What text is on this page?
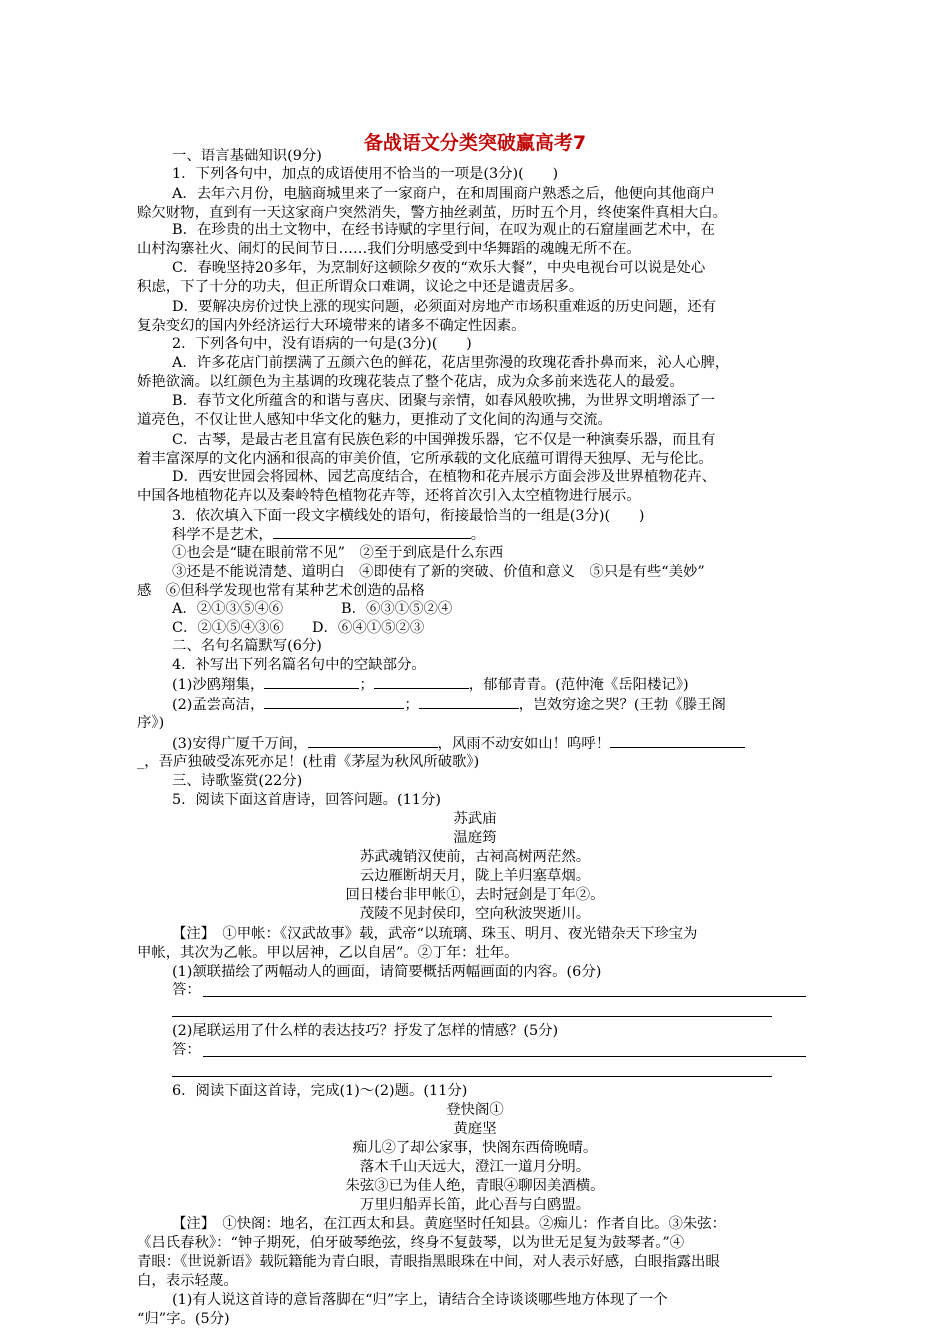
备战语文分类突破赢高考7
一、语言基础知识(9分)
1．下列各句中，加点的成语使用不恰当的一项是(3分)(　　)
A．去年六月份，电脑商城里来了一家商户，在和周围商户熟悉之后，他便向其他商户
赊欠财物，直到有一天这家商户突然消失，警方抽丝剥茧，历时五个月，终使案件真相大白。
B．在珍贵的出土文物中，在经书诗赋的字里行间，在叹为观止的石窟崖画艺术中，在
山村沟寨社火、闹灯的民间节日……我们分明感受到中华舞蹈的魂魄无所不在。
C．春晚坚持20多年，为烹制好这顿除夕夜的“欢乐大餐”，中央电视台可以说是处心
积虑，下了十分的功夫，但正所谓众口难调，议论之中还是谴责居多。
D．要解决房价过快上涨的现实问题，必须面对房地产市场积重难返的历史问题，还有
复杂变幻的国内外经济运行大环境带来的诸多不确定性因素。
2．下列各句中，没有语病的一句是(3分)(　　)
A．许多花店门前摆满了五颜六色的鲜花，花店里弥漫的玫瑰花香扑鼻而来，沁人心脾，
娇艳欲滴。以红颜色为主基调的玫瑰花装点了整个花店，成为众多前来选花人的最爱。
B．春节文化所蕴含的和谐与喜庆、团聚与亲情，如春风般吹拂，为世界文明增添了一
道亮色，不仅让世人感知中华文化的魅力，更推动了文化间的沟通与交流。
C．古琴，是最古老且富有民族色彩的中国弹拨乐器，它不仅是一种演奏乐器，而且有
着丰富深厚的文化内涵和很高的审美价值，它所承载的文化底蕴可谓得天独厚、无与伦比。
D．西安世园会将园林、园艺高度结合，在植物和花卉展示方面会涉及世界植物花卉、
中国各地植物花卉以及秦岭特色植物花卉等，还将首次引入太空植物进行展示。
3．依次填入下面一段文字横线处的语句，衔接最恰当的一组是(3分)(　　)
科学不是艺术，	。
①也会是“睫在眼前常不见”　②至于到底是什么东西
③还是不能说清楚、道明白　④即使有了新的突破、价值和意义　⑤只是有些“美妙”
感　⑥但科学发现也常有某种艺术创造的品格
A．②①③⑤④⑥	B．⑥③①⑤②④
C．②①⑤④③⑥	D．⑥④①⑤②③
二、名句名篇默写(6分)
4．补写出下列名篇名句中的空缺部分。
(1)沙鸥翔集，	；	，郁郁青青。(范仲淹《岳阳楼记》)
(2)孟尝高洁，	；	，岂效穷途之哭？(王勃《滕王阁
序》)
(3)安得广厦千万间，	，风雨不动安如山！呜呼！
_，吾庐独破受冻死亦足！(杜甫《茅屋为秋风所破歌》)
三、诗歌鉴赏(22分)
5．阅读下面这首唐诗，回答问题。(11分)
苏武庙
温庭筠
苏武魂销汉使前，古祠高树两茫然。
云边雁断胡天月，陇上羊归塞草烟。
回日楼台非甲帐①，去时冠剑是丁年②。
茂陵不见封侯印，空向秋波哭逝川。
【注】　①甲帐：《汉武故事》载，武帝“以琉璃、珠玉、明月、夜光错杂天下珍宝为
甲帐，其次为乙帐。甲以居神，乙以自居”。②丁年：壮年。
(1)颔联描绘了两幅动人的画面，请简要概括两幅画面的内容。(6分)
答：
(2)尾联运用了什么样的表达技巧？抒发了怎样的情感？(5分)
答：
6．阅读下面这首诗，完成(1)～(2)题。(11分)
登快阁①
黄庭坚
痴儿②了却公家事，快阁东西倚晚晴。
落木千山天远大，澄江一道月分明。
朱弦③已为佳人绝，青眼④聊因美酒横。
万里归船弄长笛，此心吾与白鸥盟。
【注】　①快阁：地名，在江西太和县。黄庭坚时任知县。②痴儿：作者自比。③朱弦：
《吕氏春秋》：“钟子期死，伯牙破琴绝弦，终身不复鼓琴，以为世无足复为鼓琴者。”④
青眼：《世说新语》载阮籍能为青白眼，青眼指黑眼珠在中间，对人表示好感，白眼指露出眼
白，表示轻蔑。
(1)有人说这首诗的意旨落脚在“归”字上，请结合全诗谈谈哪些地方体现了一个
“归”字。(5分)
